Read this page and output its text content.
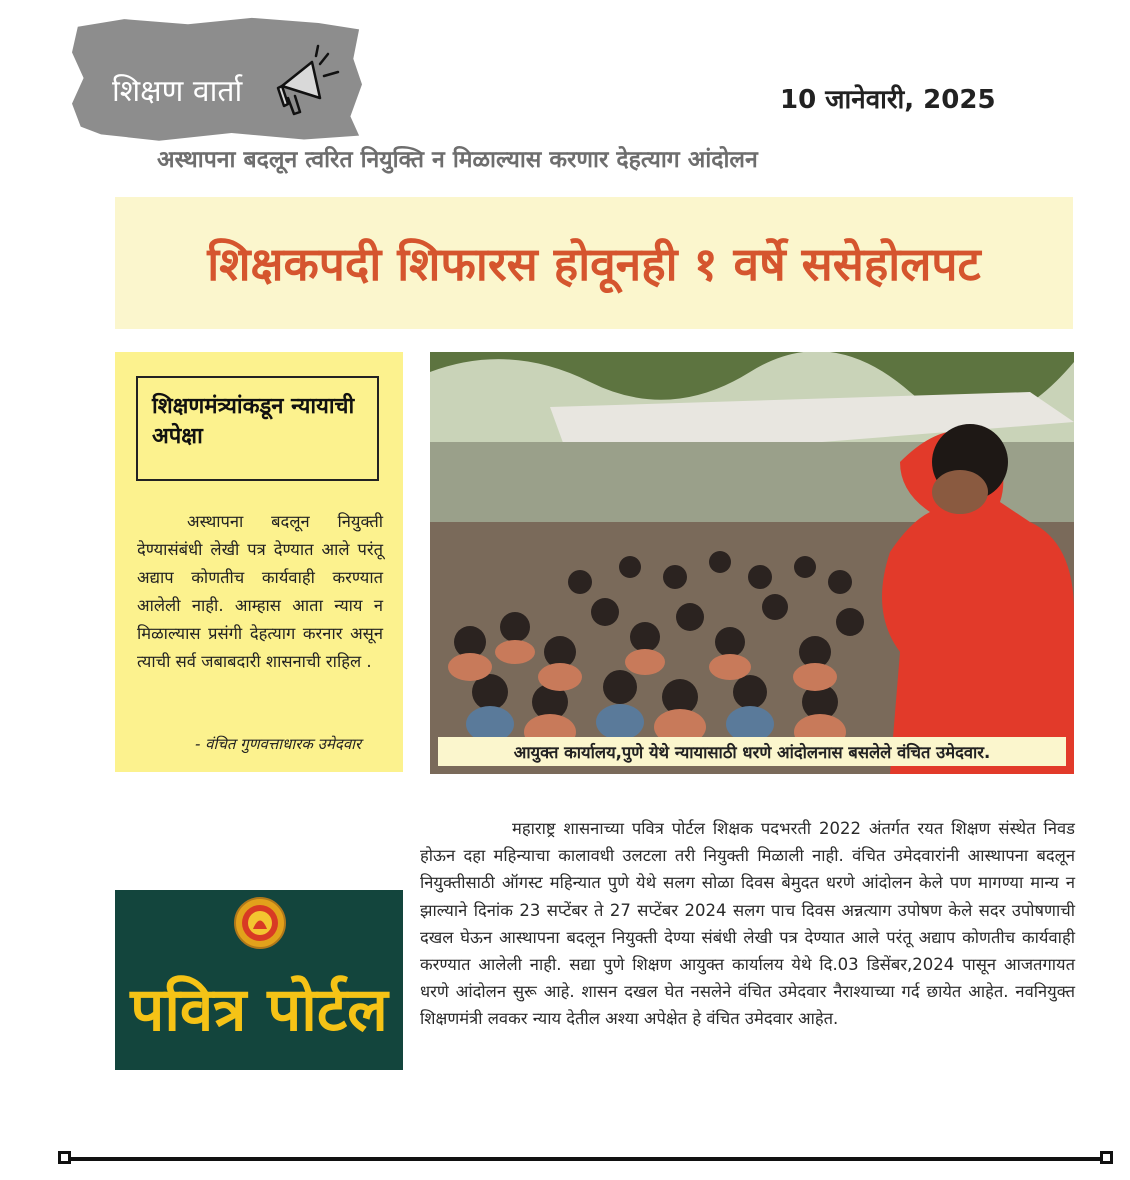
शिक्षण वार्ता	10 जानेवारी, 2025
अस्थापना बदलून त्वरित नियुक्ति न मिळाल्यास करणार देहत्याग आंदोलन
शिक्षकपदी शिफारस होवूनही १ वर्षे ससेहोलपट
शिक्षणमंत्र्यांकडून न्यायाची अपेक्षा
अस्थापना बदलून नियुक्ती देण्यासंबंधी लेखी पत्र देण्यात आले परंतू अद्याप कोणतीच कार्यवाही करण्यात आलेली नाही. आम्हास आता न्याय न मिळाल्यास प्रसंगी देहत्याग करनार असून त्याची सर्व जबाबदारी शासनाची राहिल .
- वंचित गुणवत्ताधारक उमेदवार	आयुक्त कार्यालय,पुणे येथे न्यायासाठी धरणे आंदोलनास बसलेले वंचित उमेदवार.
पवित्र पोर्टल
महाराष्ट्र शासनाच्या पवित्र पोर्टल शिक्षक पदभरती 2022 अंतर्गत रयत शिक्षण संस्थेत निवड होऊन दहा महिन्याचा कालावधी उलटला तरी नियुक्ती मिळाली नाही. वंचित उमेदवारांनी आस्थापना बदलून नियुक्तीसाठी ऑगस्ट महिन्यात पुणे येथे सलग सोळा दिवस बेमुदत धरणे आंदोलन केले पण मागण्या मान्य न झाल्याने दिनांक 23 सप्टेंबर ते 27 सप्टेंबर 2024 सलग पाच दिवस अन्नत्याग उपोषण केले सदर उपोषणाची दखल घेऊन आस्थापना बदलून नियुक्ती देण्या संबंधी लेखी पत्र देण्यात आले परंतू अद्याप कोणतीच कार्यवाही करण्यात आलेली नाही. सद्या पुणे शिक्षण आयुक्त कार्यालय येथे दि.03 डिसेंबर,2024 पासून आजतगायत धरणे आंदोलन सुरू आहे. शासन दखल घेत नसलेने वंचित उमेदवार नैराश्याच्या गर्द छायेत आहेत. नवनियुक्त शिक्षणमंत्री लवकर न्याय देतील अश्या अपेक्षेत हे वंचित उमेदवार आहेत.
